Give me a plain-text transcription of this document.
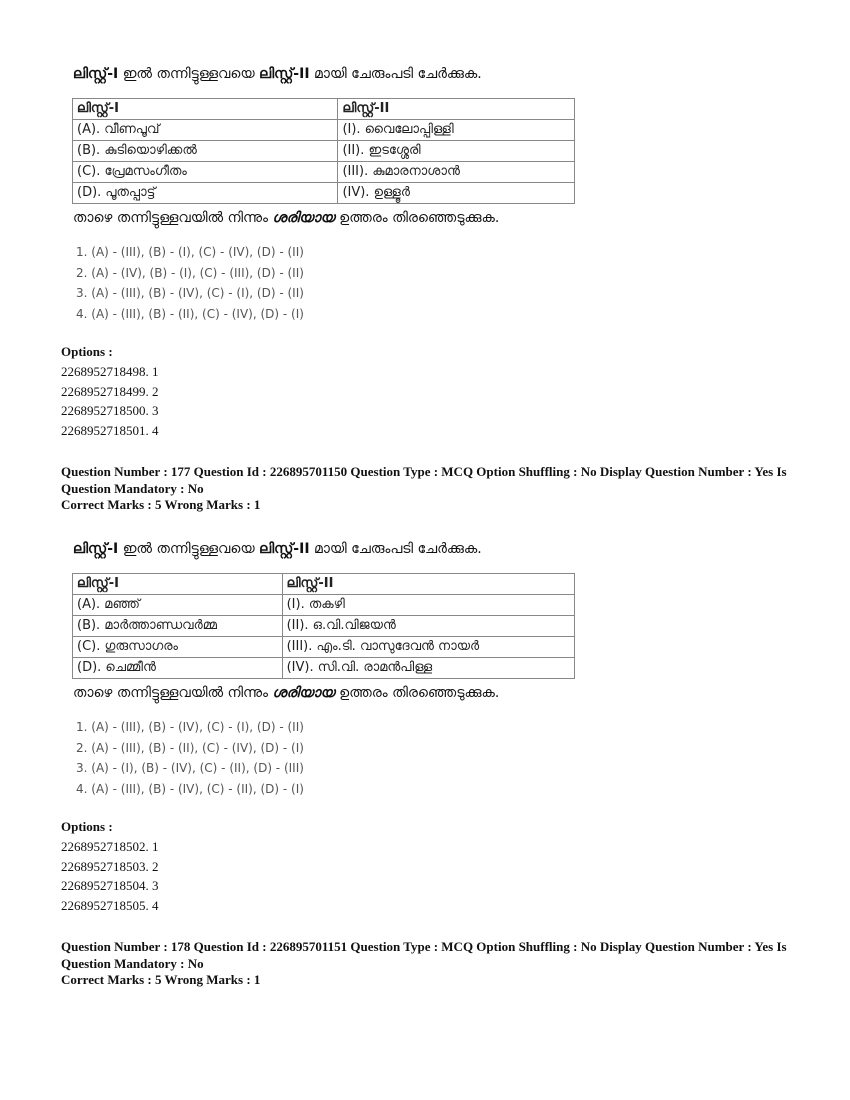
ലിസ്റ്റ്-I ഇൽ തന്നിട്ടുള്ളവയെ ലിസ്റ്റ്-II മായി ചേരുംപടി ചേർക്കുക.
ലിസ്റ്റ്-I	ലിസ്റ്റ്-II
(A). വീണപൂവ്	(I). വൈലോപ്പിള്ളി
(B). കുടിയൊഴിക്കൽ	(II). ഇടശ്ശേരി
(C). പ്രേമസംഗീതം	(III). കുമാരനാശാൻ
(D). പൂതപ്പാട്ട്	(IV). ഉള്ളൂർ
താഴെ തന്നിട്ടുള്ളവയിൽ നിന്നും ശരിയായ ഉത്തരം തിരഞ്ഞെടുക്കുക.
1. (A) - (III), (B) - (I), (C) - (IV), (D) - (II)
2. (A) - (IV), (B) - (I), (C) - (III), (D) - (II)
3. (A) - (III), (B) - (IV), (C) - (I), (D) - (II)
4. (A) - (III), (B) - (II), (C) - (IV), (D) - (I)
Options :
2268952718498. 1
2268952718499. 2
2268952718500. 3
2268952718501. 4
Question Number : 177 Question Id : 226895701150 Question Type : MCQ Option Shuffling : No Display Question Number : Yes Is Question Mandatory : No
Correct Marks : 5 Wrong Marks : 1
ലിസ്റ്റ്-I ഇൽ തന്നിട്ടുള്ളവയെ ലിസ്റ്റ്-II മായി ചേരുംപടി ചേർക്കുക.
ലിസ്റ്റ്-I	ലിസ്റ്റ്-II
(A). മഞ്ഞ്	(I). തകഴി
(B). മാർത്താണ്ഡവർമ്മ	(II). ഒ.വി.വിജയൻ
(C). ഗുരുസാഗരം	(III). എം.ടി. വാസുദേവൻ നായർ
(D). ചെമ്മീൻ	(IV). സി.വി. രാമൻപിള്ള
താഴെ തന്നിട്ടുള്ളവയിൽ നിന്നും ശരിയായ ഉത്തരം തിരഞ്ഞെടുക്കുക.
1. (A) - (III), (B) - (IV), (C) - (I), (D) - (II)
2. (A) - (III), (B) - (II), (C) - (IV), (D) - (I)
3. (A) - (I), (B) - (IV), (C) - (II), (D) - (III)
4. (A) - (III), (B) - (IV), (C) - (II), (D) - (I)
Options :
2268952718502. 1
2268952718503. 2
2268952718504. 3
2268952718505. 4
Question Number : 178 Question Id : 226895701151 Question Type : MCQ Option Shuffling : No Display Question Number : Yes Is Question Mandatory : No
Correct Marks : 5 Wrong Marks : 1
